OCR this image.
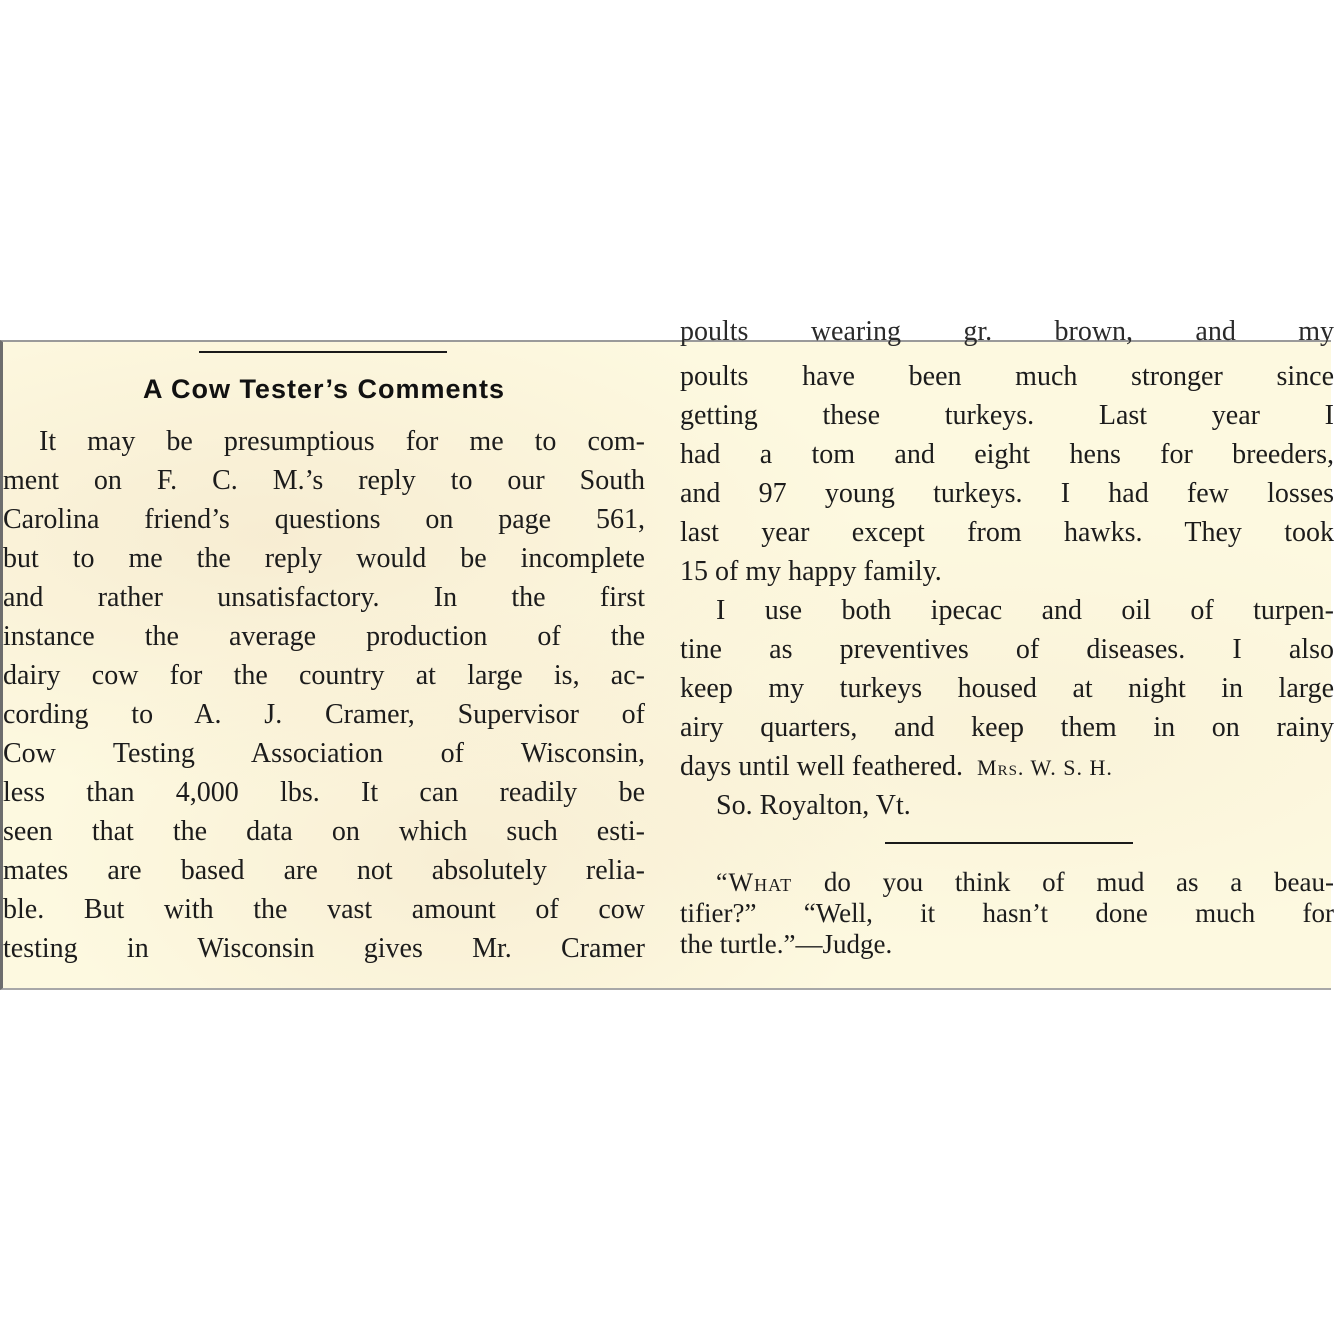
A Cow Tester’s Comments
It may be presumptious for me to com-
ment on F. C. M.’s reply to our South
Carolina friend’s questions on page 561,
but to me the reply would be incomplete
and rather unsatisfactory. In the first
instance the average production of the
dairy cow for the country at large is, ac-
cording to A. J. Cramer, Supervisor of
Cow Testing Association of Wisconsin,
less than 4,000 lbs. It can readily be
seen that the data on which such esti-
mates are based are not absolutely relia-
ble. But with the vast amount of cow
testing in Wisconsin gives Mr. Cramer
poults wearing gr. brown, and my
poults have been much stronger since
getting these turkeys. Last year I
had a tom and eight hens for breeders,
and 97 young turkeys. I had few losses
last year except from hawks. They took
15 of my happy family.
I use both ipecac and oil of turpen-
tine as preventives of diseases. I also
keep my turkeys housed at night in large
airy quarters, and keep them in on rainy
days until well feathered. Mrs. W. S. H.
So. Royalton, Vt.
“What do you think of mud as a beau-
tifier?” “Well, it hasn’t done much for
the turtle.”—Judge.
